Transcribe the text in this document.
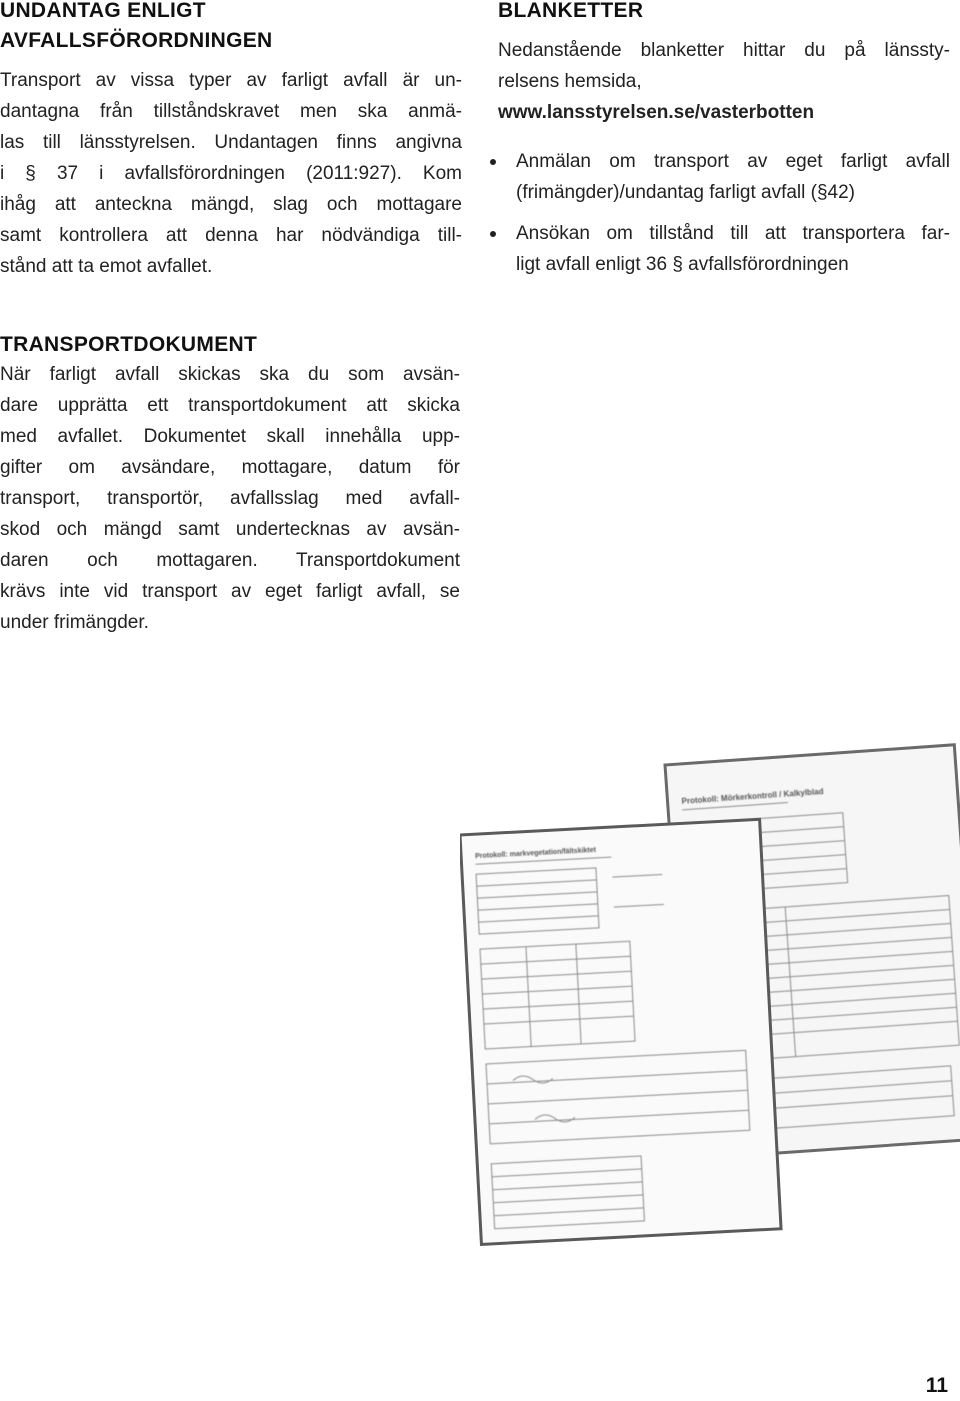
UNDANTAG ENLIGT
AVFALLSFÖRORDNINGEN

Transport av vissa typer av farligt avfall är un-

dantagna från tillståndskravet men ska anmä-

las till länsstyrelsen. Undantagen finns angivna

i § 37 i avfallsförordningen (2011:927). Kom

ihåg att anteckna mängd, slag och mottagare

samt kontrollera att denna har nödvändiga till-

stånd att ta emot avfallet.

BLANKETTER

Nedanstående blanketter hittar du på länssty-

relsens hemsida,

www.lansstyrelsen.se/vasterbotten

Anmälan om transport av eget farligt avfall

(frimängder)/undantag farligt avfall (§42)

Ansökan om tillstånd till att transportera far-

ligt avfall enligt 36 § avfallsförordningen

TRANSPORTDOKUMENT

När farligt avfall skickas ska du som avsän-

dare upprätta ett transportdokument att skicka

med avfallet. Dokumentet skall innehålla upp-

gifter om avsändare, mottagare, datum för

transport, transportör, avfallsslag med avfall-

skod och mängd samt undertecknas av avsän-

daren och mottagaren. Transportdokument

krävs inte vid transport av eget farligt avfall, se

under frimängder.

Protokoll: Mörkerkontroll / Kalkylblad
Protokoll: markvegetation/fältskiktet

11
